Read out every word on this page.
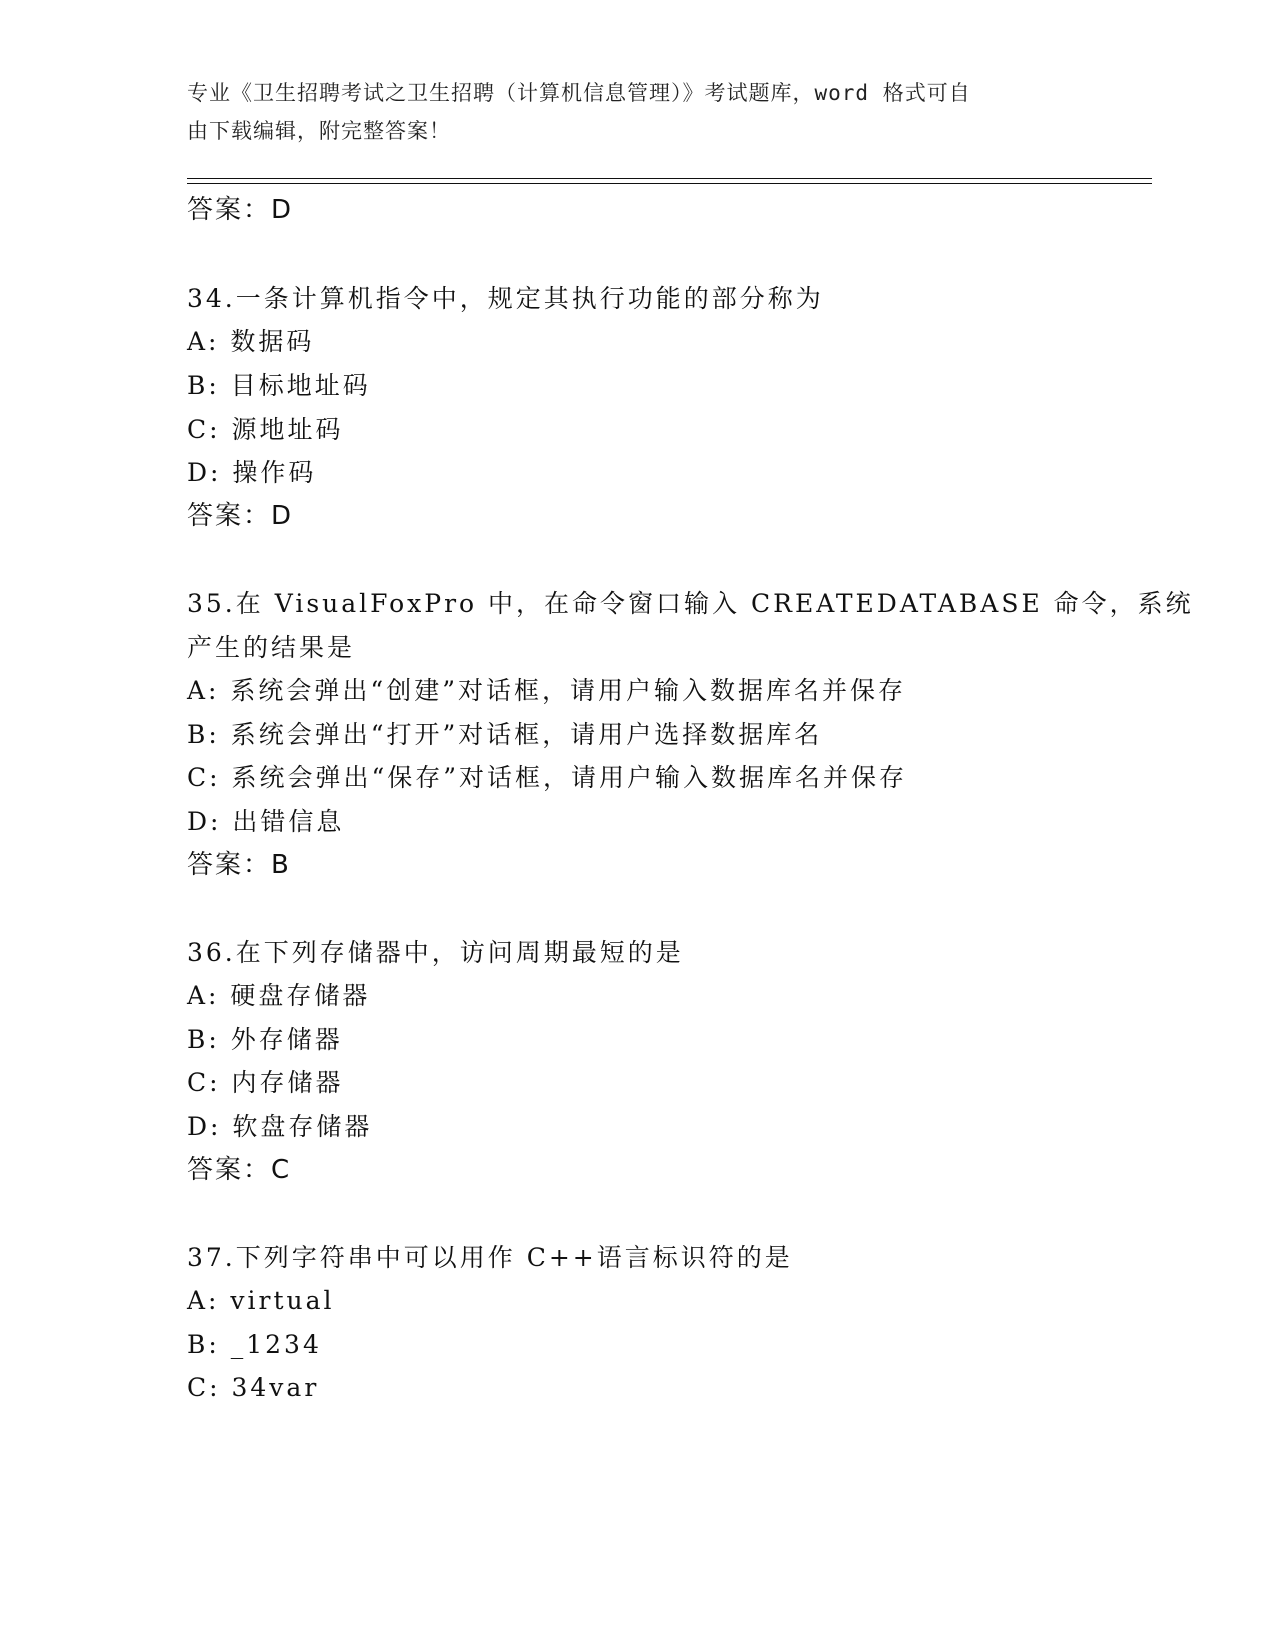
专业《卫生招聘考试之卫生招聘（计算机信息管理）》考试题库，word 格式可自
由下载编辑，附完整答案！
答案：D
34.一条计算机指令中，规定其执行功能的部分称为
A: 数据码
B: 目标地址码
C: 源地址码
D: 操作码
答案：D
35.在 VisualFoxPro 中，在命令窗口输入 CREATEDATABASE 命令，系统
产生的结果是
A: 系统会弹出“创建”对话框，请用户输入数据库名并保存
B: 系统会弹出“打开”对话框，请用户选择数据库名
C: 系统会弹出“保存”对话框，请用户输入数据库名并保存
D: 出错信息
答案：B
36.在下列存储器中，访问周期最短的是
A: 硬盘存储器
B: 外存储器
C: 内存储器
D: 软盘存储器
答案：C
37.下列字符串中可以用作 C++语言标识符的是
A: virtual
B: _1234
C: 34var
